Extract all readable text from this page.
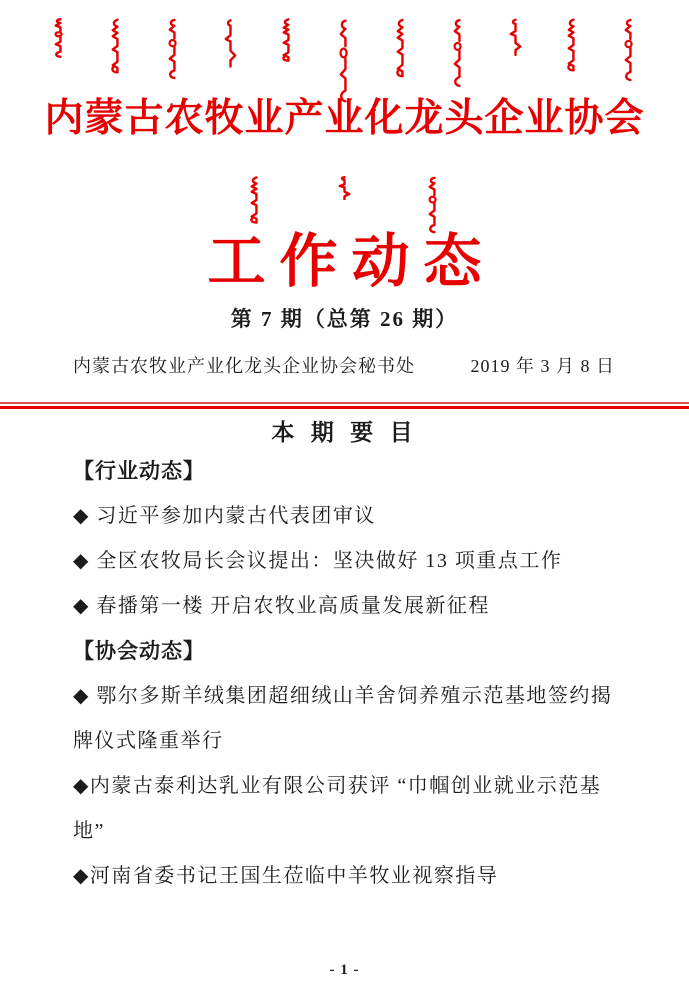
内蒙古农牧业产业化龙头企业协会
工作动态
第 7 期（总第 26 期）
内蒙古农牧业产业化龙头企业协会秘书处	2019 年 3 月 8 日
本 期 要 目
【行业动态】
◆ 习近平参加内蒙古代表团审议
◆ 全区农牧局长会议提出：坚决做好 13 项重点工作
◆ 春播第一楼 开启农牧业高质量发展新征程
【协会动态】
◆ 鄂尔多斯羊绒集团超细绒山羊舍饲养殖示范基地签约揭牌仪式隆重举行
◆内蒙古泰利达乳业有限公司获评 “巾帼创业就业示范基地”
◆河南省委书记王国生莅临中羊牧业视察指导
- 1 -
